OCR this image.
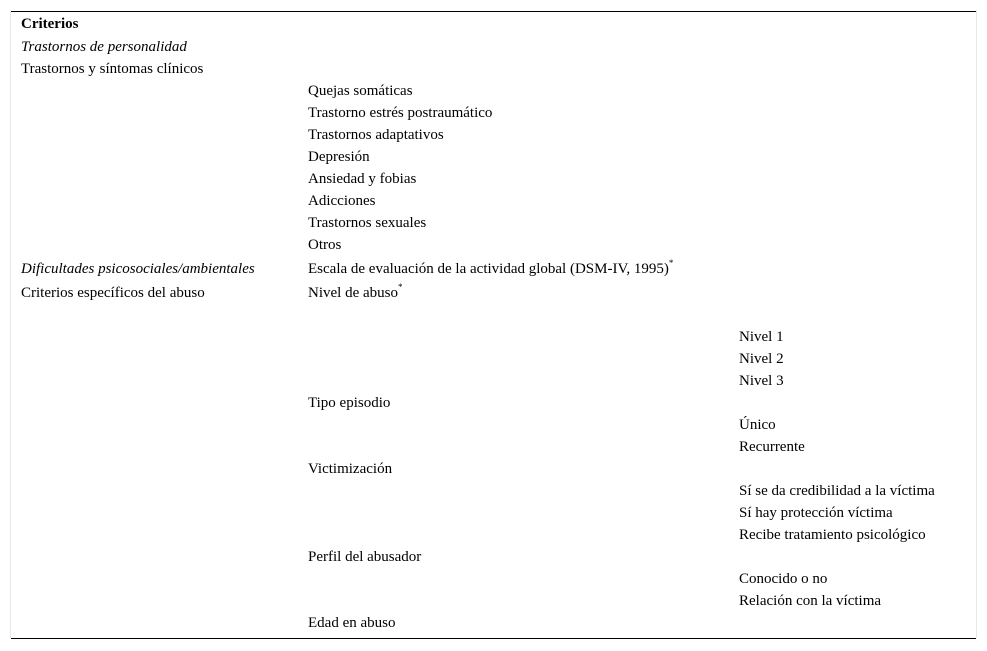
Criterios
Trastornos de personalidad
Trastornos y síntomas clínicos
Quejas somáticas
Trastorno estrés postraumático
Trastornos adaptativos
Depresión
Ansiedad y fobias
Adicciones
Trastornos sexuales
Otros
Dificultades psicosociales/ambientales	Escala de evaluación de la actividad global (DSM-IV, 1995)*
Criterios específicos del abuso	Nivel de abuso*
Nivel 1
Nivel 2
Nivel 3
Tipo episodio
Único
Recurrente
Victimización
Sí se da credibilidad a la víctima
Sí hay protección víctima
Recibe tratamiento psicológico
Perfil del abusador
Conocido o no
Relación con la víctima
Edad en abuso
